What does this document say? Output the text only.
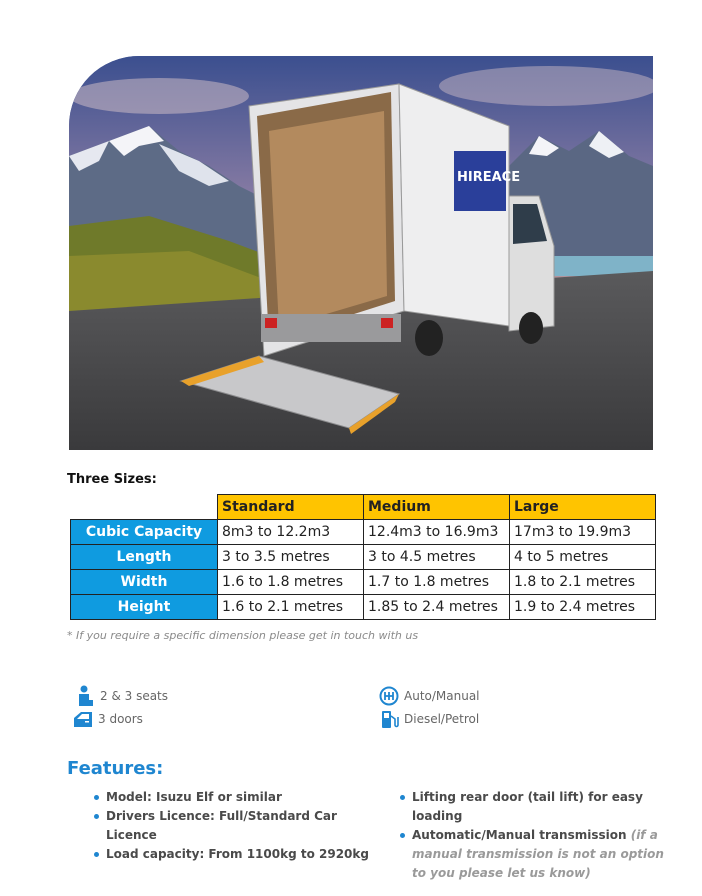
HIREACE
Three Sizes:
	Standard	Medium	Large
Cubic Capacity	8m3 to 12.2m3	12.4m3 to 16.9m3	17m3 to 19.9m3
Length	3 to 3.5 metres	3 to 4.5 metres	4 to 5 metres
Width	1.6 to 1.8 metres	1.7 to 1.8 metres	1.8 to 2.1 metres
Height	1.6 to 2.1 metres	1.85 to 2.4 metres	1.9 to 2.4 metres
* If you require a specific dimension please get in touch with us
2 & 3 seats
3 doors
Auto/Manual
Diesel/Petrol
Features:
Model: Isuzu Elf or similar
Drivers Licence: Full/Standard Car Licence
Load capacity: From 1100kg to 2920kg
Lifting rear door (tail lift) for easy loading
Automatic/Manual transmission (if a manual transmission is not an option to you please let us know)
